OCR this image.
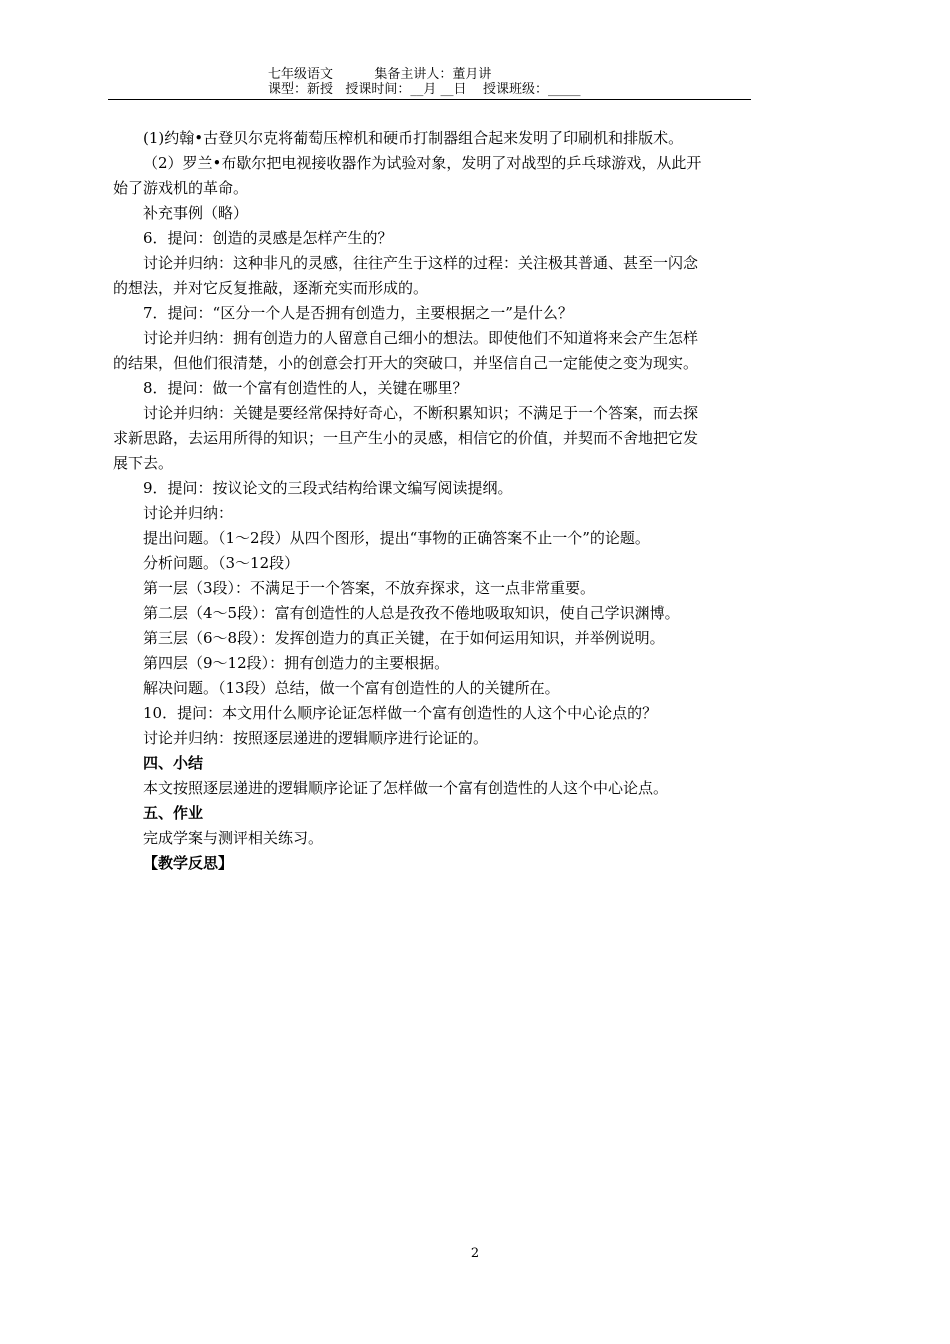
七年级语文          集备主讲人：董月讲
课型：新授   授课时间：__月 __日    授课班级：_____

(1)约翰•古登贝尔克将葡萄压榨机和硬币打制器组合起来发明了印刷机和排版术。

（2）罗兰•布歇尔把电视接收器作为试验对象，发明了对战型的乒乓球游戏，从此开

始了游戏机的革命。

补充事例（略）

6．提问：创造的灵感是怎样产生的？

讨论并归纳：这种非凡的灵感，往往产生于这样的过程：关注极其普通、甚至一闪念

的想法，并对它反复推敲，逐渐充实而形成的。

7．提问：“区分一个人是否拥有创造力，主要根据之一”是什么？

讨论并归纳：拥有创造力的人留意自己细小的想法。即使他们不知道将来会产生怎样

的结果，但他们很清楚，小的创意会打开大的突破口，并坚信自己一定能使之变为现实。

8．提问：做一个富有创造性的人，关键在哪里？

讨论并归纳：关键是要经常保持好奇心，不断积累知识；不满足于一个答案，而去探

求新思路，去运用所得的知识；一旦产生小的灵感，相信它的价值，并契而不舍地把它发

展下去。

9．提问：按议论文的三段式结构给课文编写阅读提纲。

讨论并归纳：

提出问题。（1～2段）从四个图形，提出“事物的正确答案不止一个”的论题。

分析问题。（3～12段）

第一层（3段）：不满足于一个答案，不放弃探求，这一点非常重要。

第二层（4～5段）：富有创造性的人总是孜孜不倦地吸取知识，使自己学识渊博。

第三层（6～8段）：发挥创造力的真正关键，在于如何运用知识，并举例说明。

第四层（9～12段）：拥有创造力的主要根据。

解决问题。（13段）总结，做一个富有创造性的人的关键所在。

10．提问：本文用什么顺序论证怎样做一个富有创造性的人这个中心论点的？

讨论并归纳：按照逐层递进的逻辑顺序进行论证的。

四、小结

本文按照逐层递进的逻辑顺序论证了怎样做一个富有创造性的人这个中心论点。

五、作业

完成学案与测评相关练习。

【教学反思】

2
